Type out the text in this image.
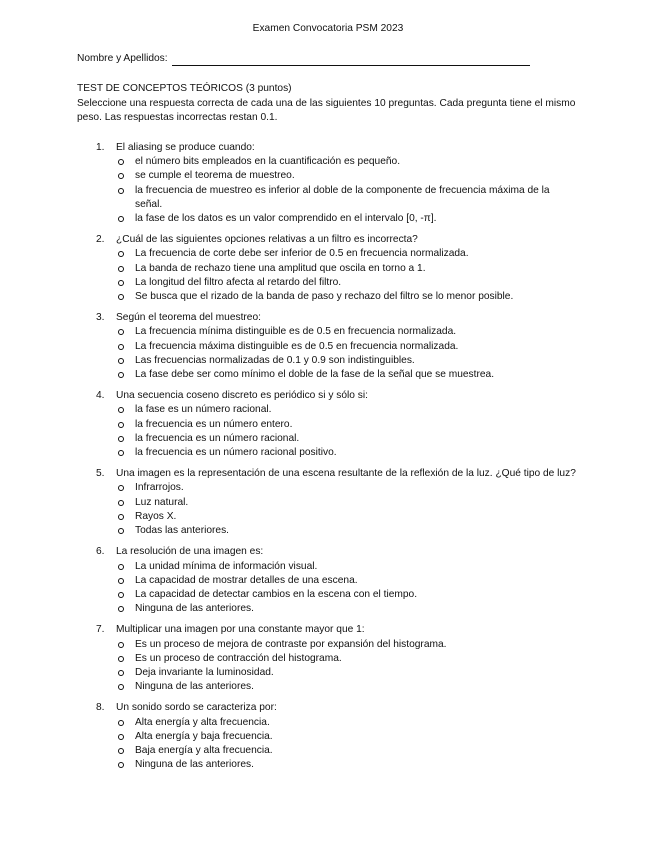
Examen Convocatoria PSM 2023
Nombre y Apellidos:
TEST DE CONCEPTOS TEÓRICOS (3 puntos)
Seleccione una respuesta correcta de cada una de las siguientes 10 preguntas. Cada pregunta tiene el mismo peso. Las respuestas incorrectas restan 0.1.
1. El aliasing se produce cuando:
el número bits empleados en la cuantificación es pequeño.
se cumple el teorema de muestreo.
la frecuencia de muestreo es inferior al doble de la componente de frecuencia máxima de la señal.
la fase de los datos es un valor comprendido en el intervalo [0, -π].
2. ¿Cuál de las siguientes opciones relativas a un filtro es incorrecta?
La frecuencia de corte debe ser inferior de 0.5 en frecuencia normalizada.
La banda de rechazo tiene una amplitud que oscila en torno a 1.
La longitud del filtro afecta al retardo del filtro.
Se busca que el rizado de la banda de paso y rechazo del filtro se lo menor posible.
3. Según el teorema del muestreo:
La frecuencia mínima distinguible es de 0.5 en frecuencia normalizada.
La frecuencia máxima distinguible es de 0.5 en frecuencia normalizada.
Las frecuencias normalizadas de 0.1 y 0.9 son indistinguibles.
La fase debe ser como mínimo el doble de la fase de la señal que se muestrea.
4. Una secuencia coseno discreto es periódico si y sólo si:
la fase es un número racional.
la frecuencia es un número entero.
la frecuencia es un número racional.
la frecuencia es un número racional positivo.
5. Una imagen es la representación de una escena resultante de la reflexión de la luz. ¿Qué tipo de luz?
Infrarrojos.
Luz natural.
Rayos X.
Todas las anteriores.
6. La resolución de una imagen es:
La unidad mínima de información visual.
La capacidad de mostrar detalles de una escena.
La capacidad de detectar cambios en la escena con el tiempo.
Ninguna de las anteriores.
7. Multiplicar una imagen por una constante mayor que 1:
Es un proceso de mejora de contraste por expansión del histograma.
Es un proceso de contracción del histograma.
Deja invariante la luminosidad.
Ninguna de las anteriores.
8. Un sonido sordo se caracteriza por:
Alta energía y alta frecuencia.
Alta energía y baja frecuencia.
Baja energía y alta frecuencia.
Ninguna de las anteriores.
